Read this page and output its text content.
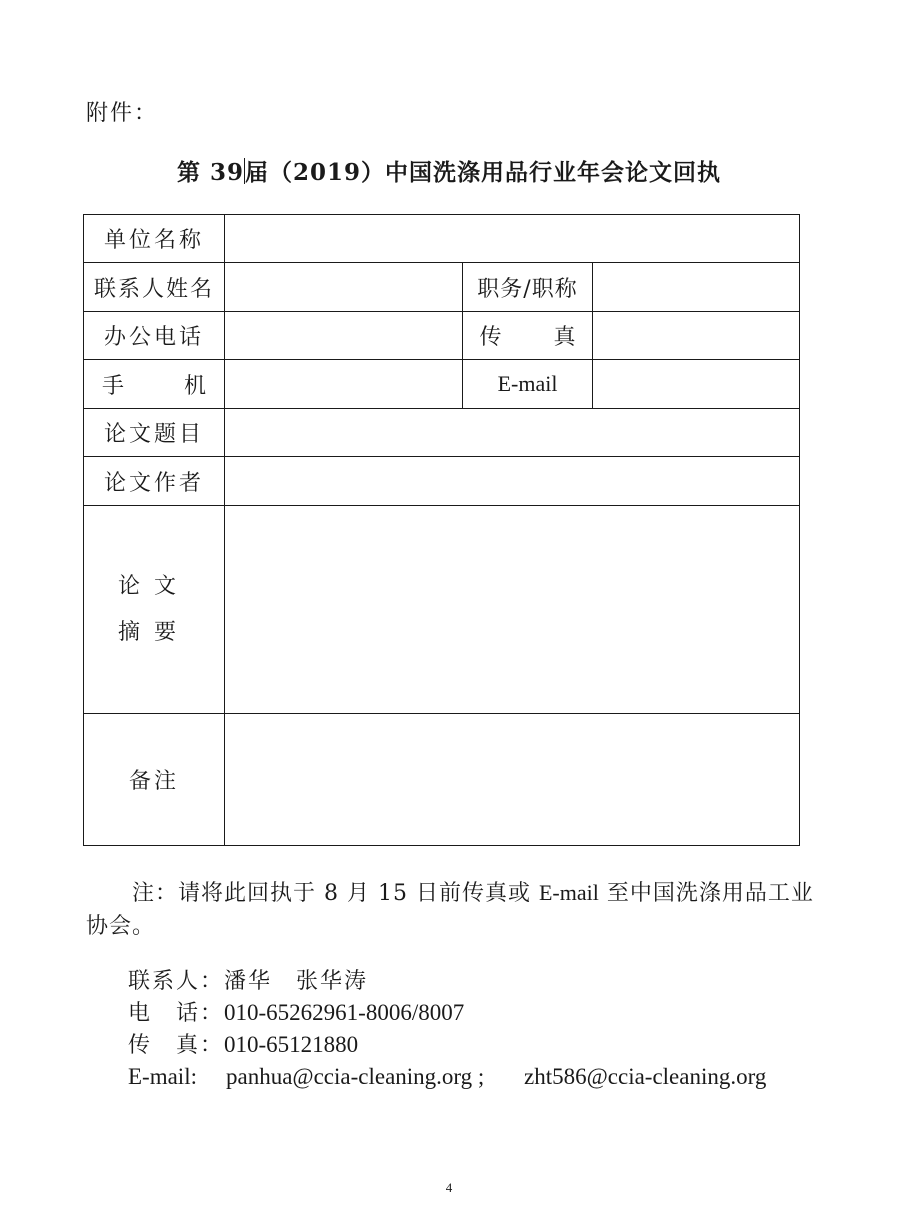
附件：
第 39届（2019）中国洗涤用品行业年会论文回执
单位名称			
联系人姓名		职务/职称	
办公电话		传 真	
手 机		E-mail	
论文题目			
论文作者			

论文
摘要			

备注			
注：请将此回执于 8 月 15 日前传真或 E-mail 至中国洗涤用品工业协会。
联系人：潘华　张华涛
电　话：010-65262961-8006/8007
传　真：010-65121880
E-mail: panhua@ccia-cleaning.org ; zht586@ccia-cleaning.org
4
